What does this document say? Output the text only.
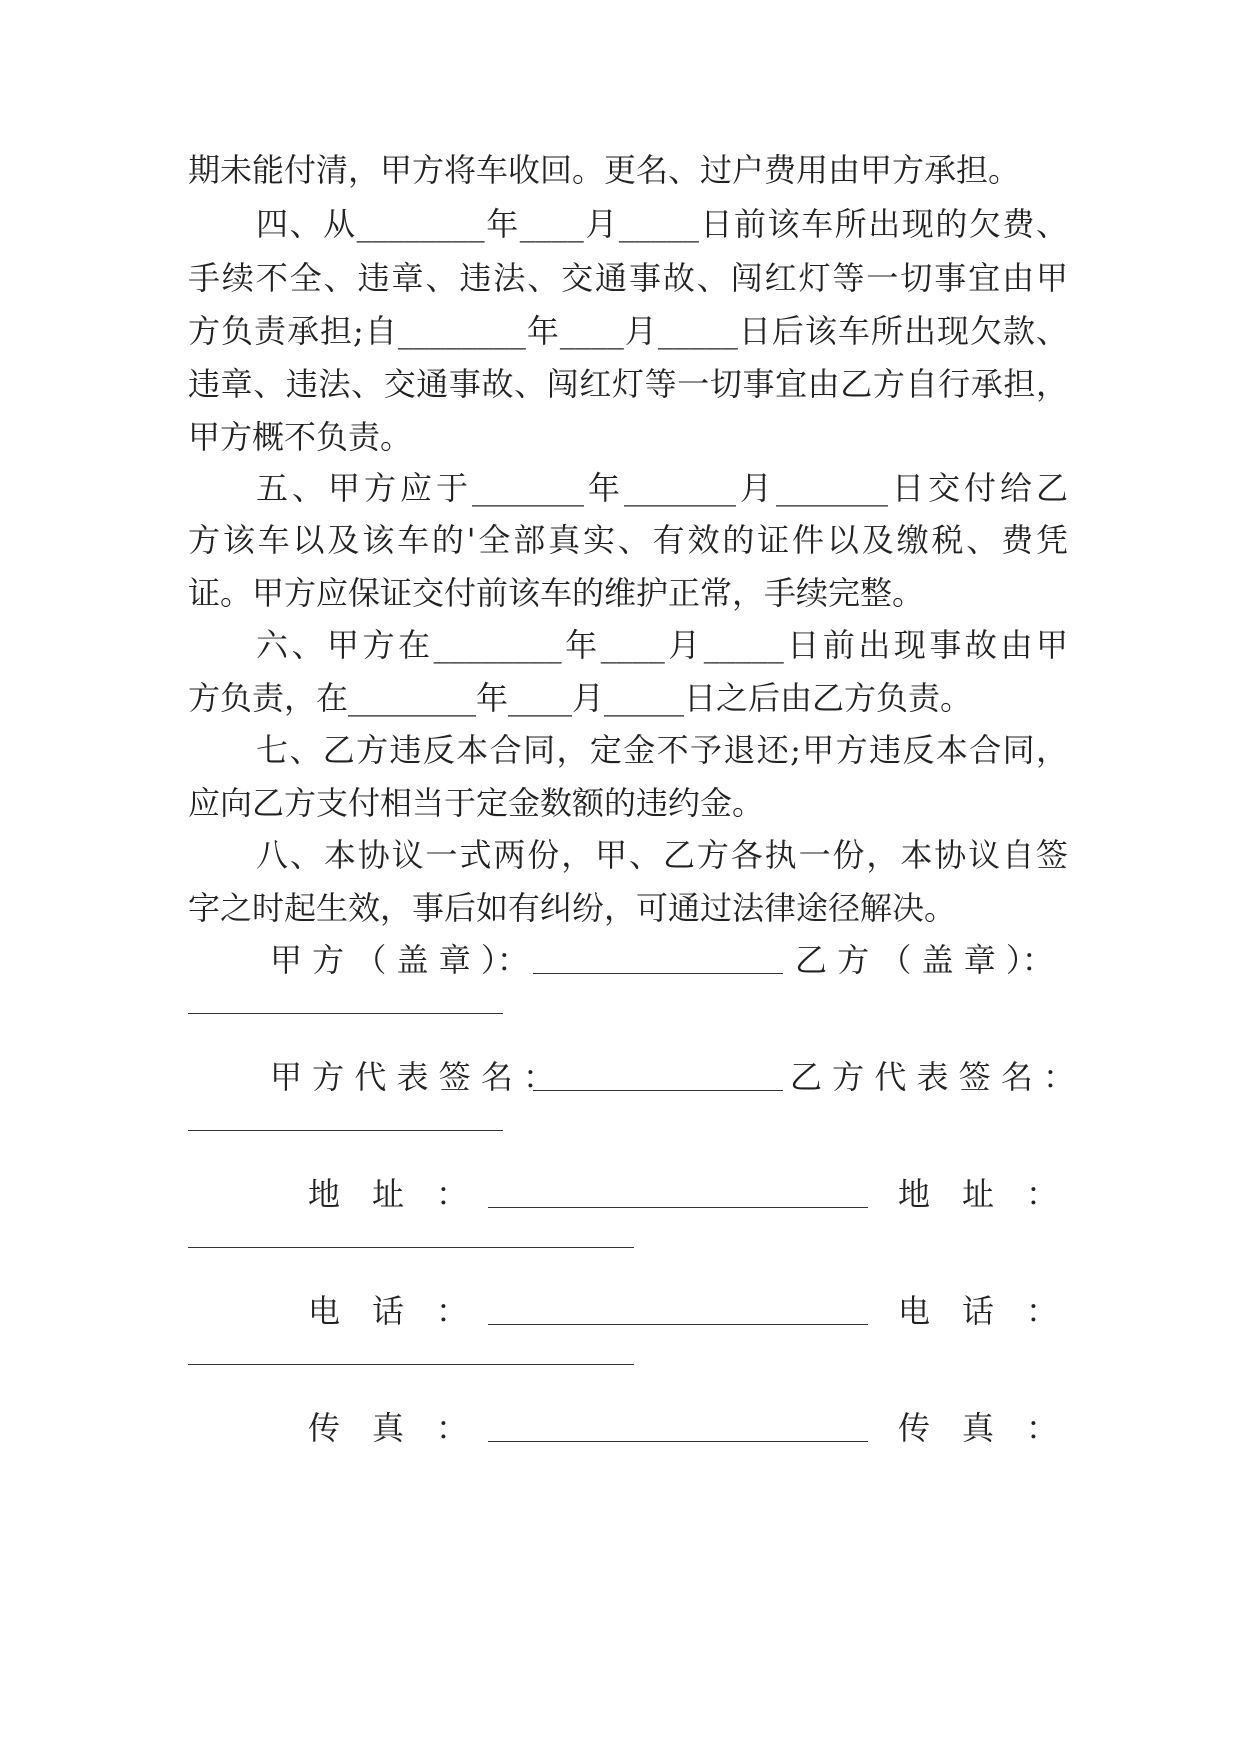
期未能付清，甲方将车收回。更名、过户费用由甲方承担。
四、从________年____月_____日前该车所出现的欠费、
手续不全、违章、违法、交通事故、闯红灯等一切事宜由甲
方负责承担;自________年____月_____日后该车所出现欠款、
违章、违法、交通事故、闯红灯等一切事宜由乙方自行承担，
甲方概不负责。
五、甲方应于_______年_______月_______日交付给乙
方该车以及该车的'全部真实、有效的证件以及缴税、费凭
证。甲方应保证交付前该车的维护正常，手续完整。
六、甲方在________年____月_____日前出现事故由甲
方负责，在________年____月_____日之后由乙方负责。
七、乙方违反本合同，定金不予退还;甲方违反本合同，
应向乙方支付相当于定金数额的违约金。
八、本协议一式两份，甲、乙方各执一份，本协议自签
字之时起生效，事后如有纠纷，可通过法律途径解决。
甲 方 （ 盖 章 ）：	乙 方 （ 盖 章 ）：
甲 方 代 表 签 名 ：	乙 方 代 表 签 名 ：
地　址　：	地　址　：
电　话　：	电　话　：
传　真　：	传　真　：
